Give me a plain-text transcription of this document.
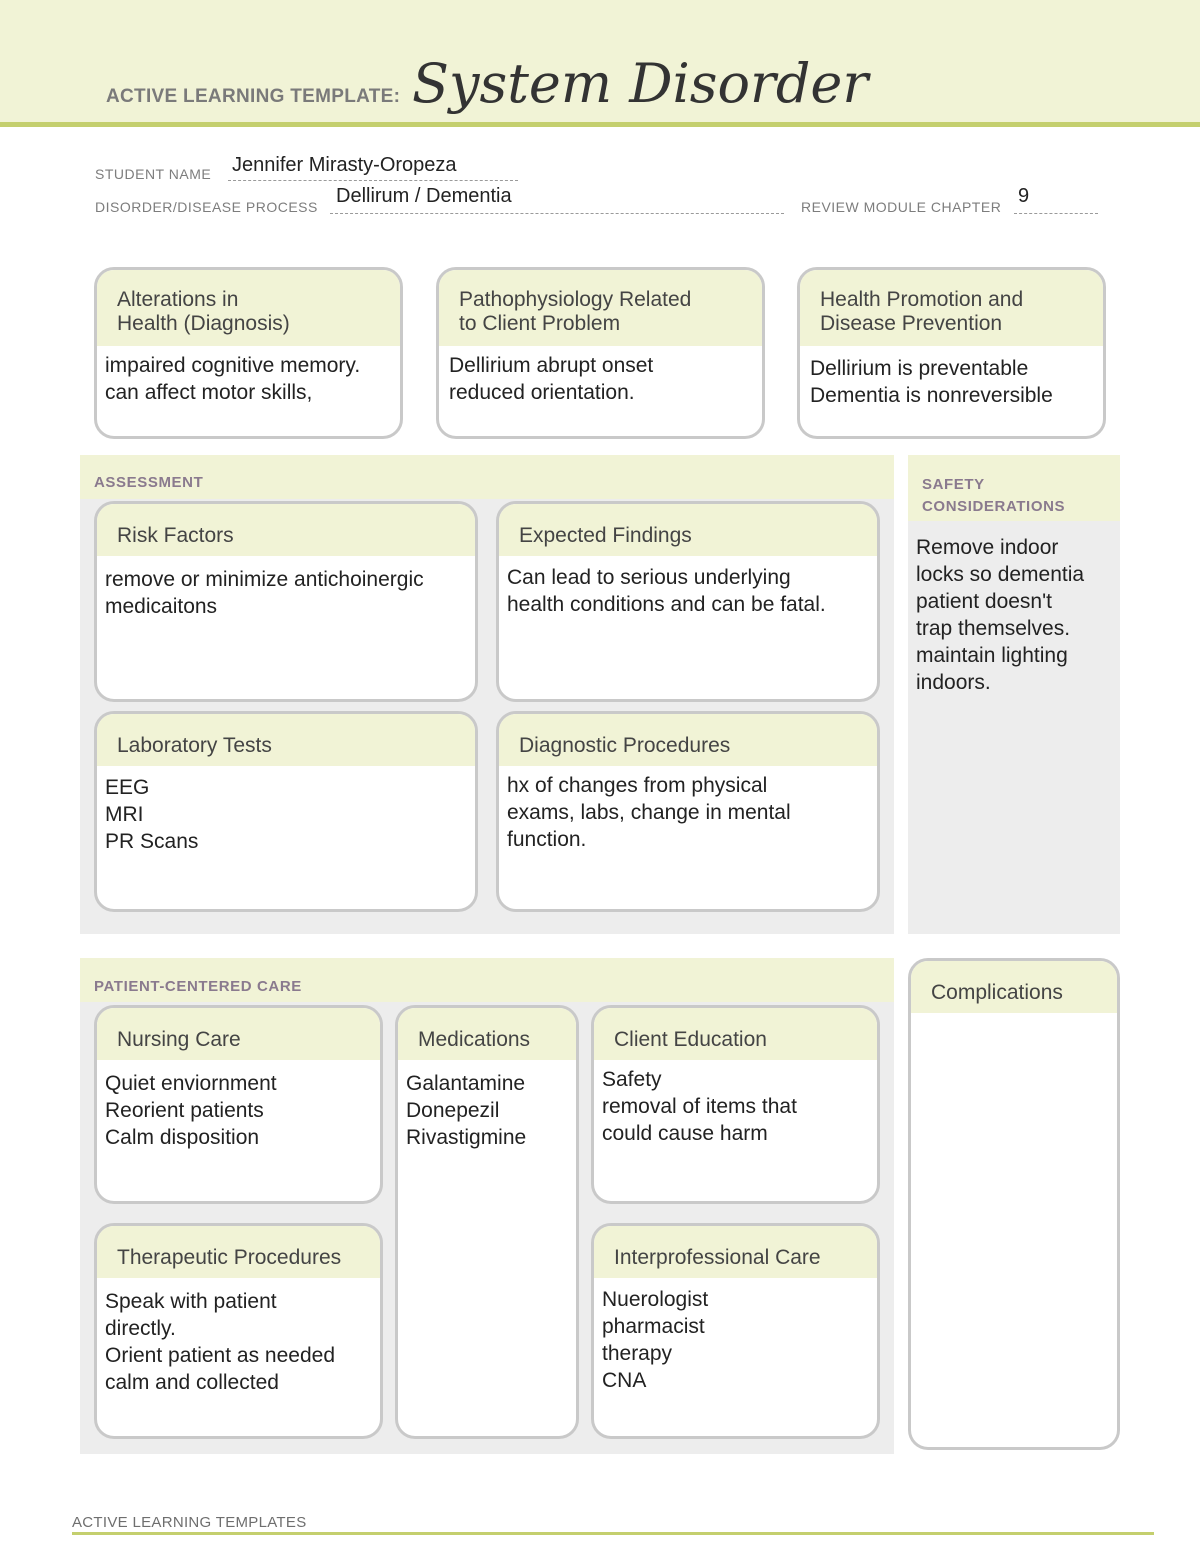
ACTIVE LEARNING TEMPLATE: System Disorder
STUDENT NAME Jennifer Mirasty-Oropeza
DISORDER/DISEASE PROCESS Dellirum / Dementia	REVIEW MODULE CHAPTER 9
Alterations in
Health (Diagnosis)
impaired cognitive memory.
can affect motor skills,
Pathophysiology Related
to Client Problem
Dellirium abrupt onset
reduced orientation.
Health Promotion and
Disease Prevention
Dellirium is preventable
Dementia is nonreversible
ASSESSMENT
Risk Factors
remove or minimize antichoinergic
medicaitons
Expected Findings
Can lead to serious underlying
health conditions and can be fatal.
Laboratory Tests
EEG
MRI
PR Scans
Diagnostic Procedures
hx of changes from physical
exams, labs, change in mental
function.
SAFETY
CONSIDERATIONS
Remove indoor
locks so dementia
patient doesn't
trap themselves.
maintain lighting
indoors.
PATIENT-CENTERED CARE
Nursing Care
Quiet enviornment
Reorient patients
Calm disposition
Medications
Galantamine
Donepezil
Rivastigmine
Client Education
Safety
removal of items that
could cause harm
Therapeutic Procedures
Speak with patient
directly.
Orient patient as needed
calm and collected
Interprofessional Care
Nuerologist
pharmacist
therapy
CNA
Complications
ACTIVE LEARNING TEMPLATES
